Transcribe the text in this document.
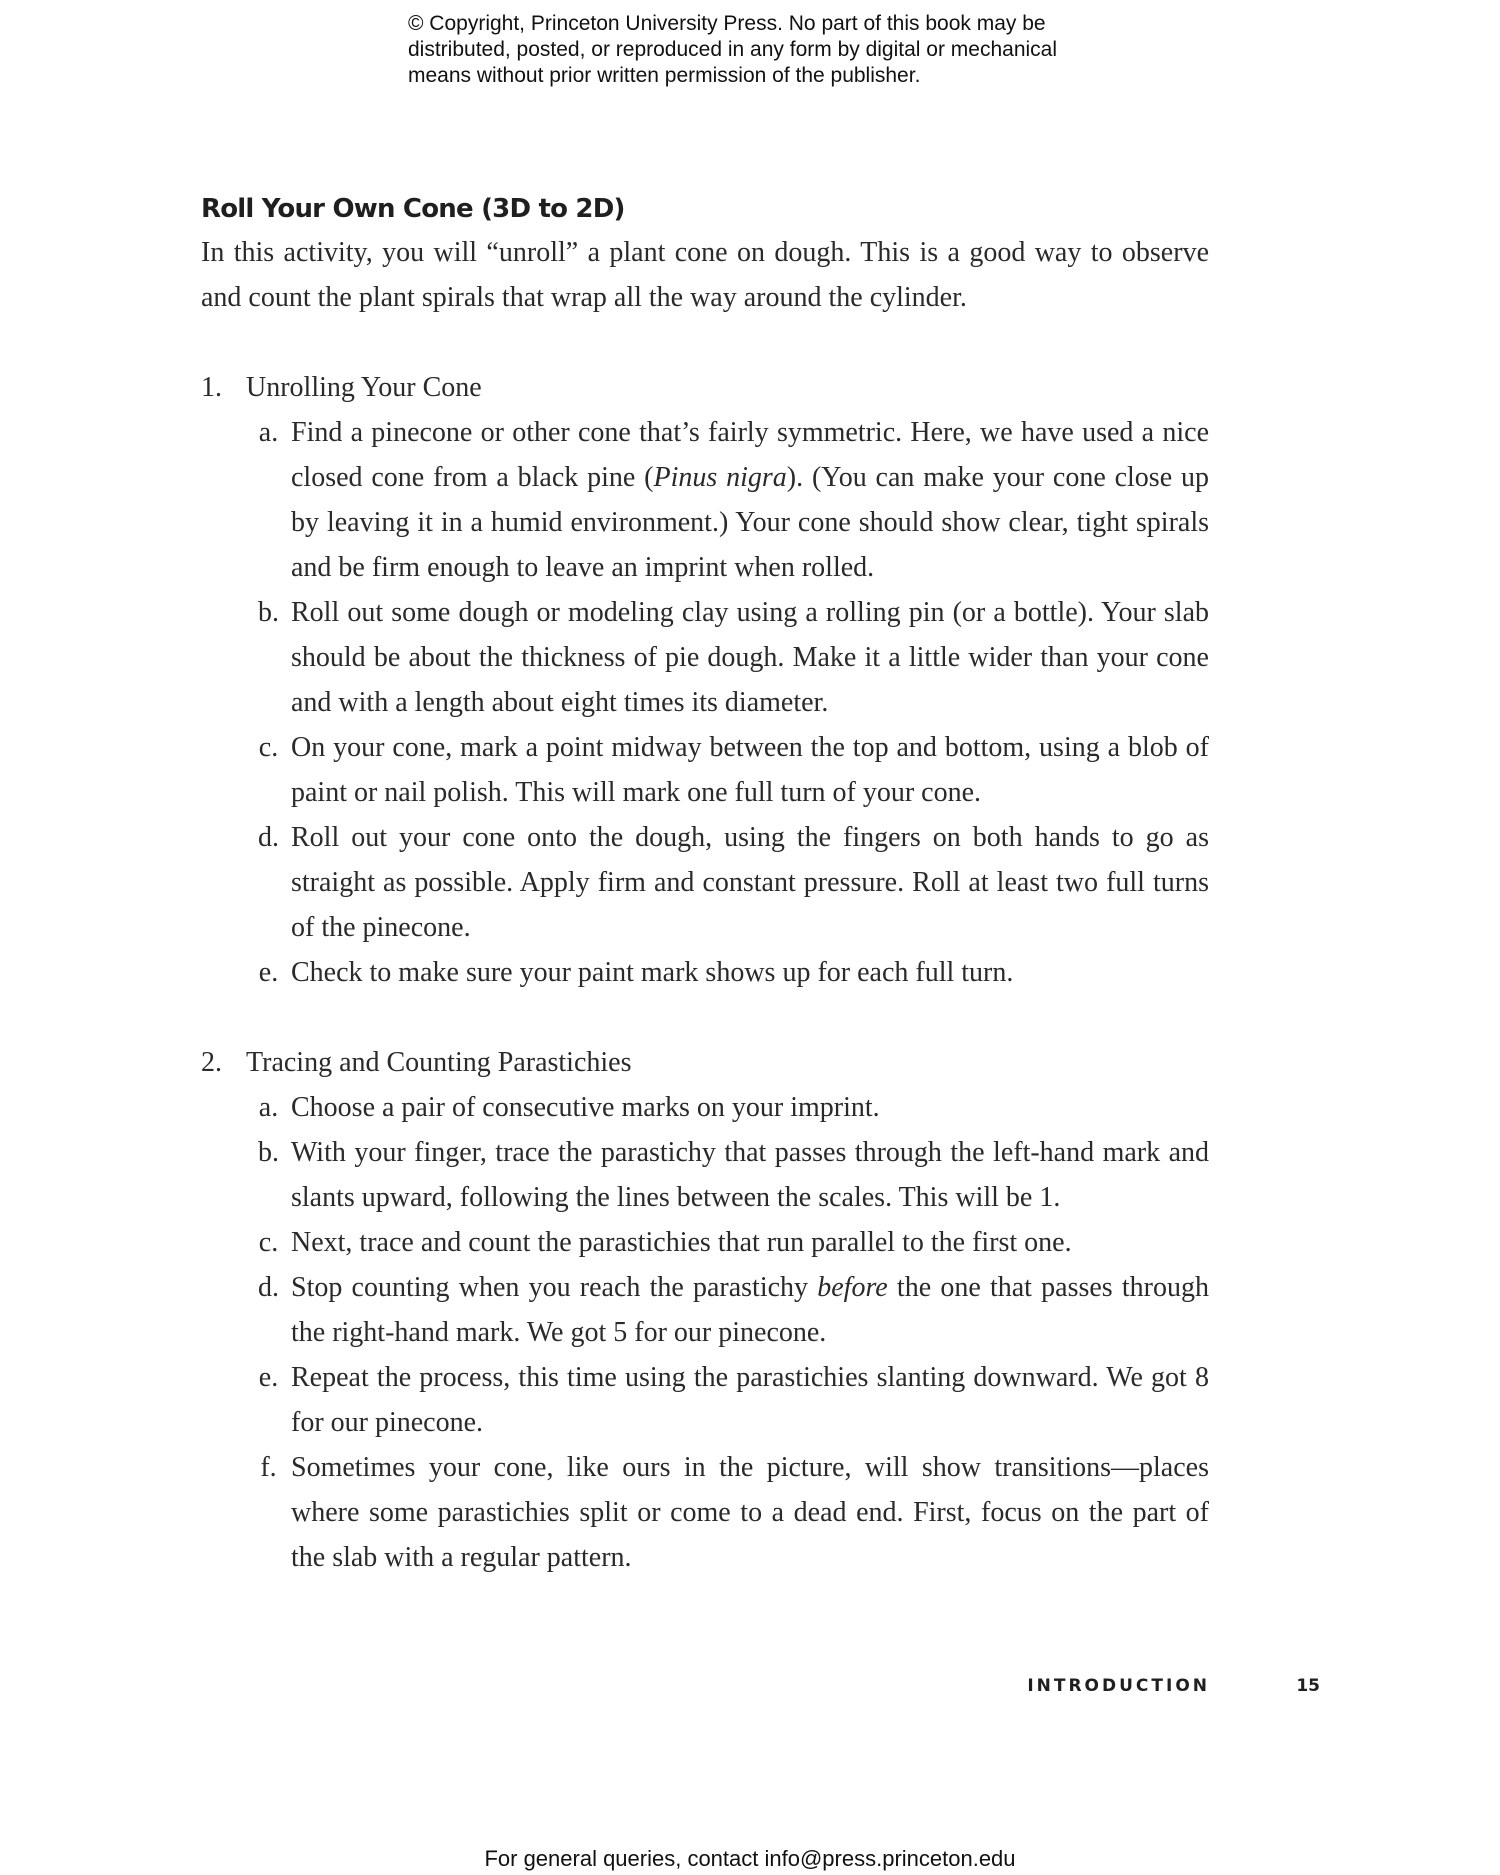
© Copyright, Princeton University Press. No part of this book may be
distributed, posted, or reproduced in any form by digital or mechanical
means without prior written permission of the publisher.
Roll Your Own Cone (3D to 2D)

In this activity, you will “unroll” a plant cone on dough. This is a good way to observe and count the plant spirals that wrap all the way around the cylinder.

1. Unrolling Your Cone
a. Find a pinecone or other cone that’s fairly symmetric. Here, we have used a nice closed cone from a black pine (Pinus nigra). (You can make your cone close up by leaving it in a humid environment.) Your cone should show clear, tight spirals and be firm enough to leave an imprint when rolled.
b. Roll out some dough or modeling clay using a rolling pin (or a bottle). Your slab should be about the thickness of pie dough. Make it a little wider than your cone and with a length about eight times its diameter.
c. On your cone, mark a point midway between the top and bottom, using a blob of paint or nail polish. This will mark one full turn of your cone.
d. Roll out your cone onto the dough, using the fingers on both hands to go as straight as possible. Apply firm and constant pressure. Roll at least two full turns of the pinecone.
e. Check to make sure your paint mark shows up for each full turn.
2. Tracing and Counting Parastichies
a. Choose a pair of consecutive marks on your imprint.
b. With your finger, trace the parastichy that passes through the left-hand mark and slants upward, following the lines between the scales. This will be 1.
c. Next, trace and count the parastichies that run parallel to the first one.
d. Stop counting when you reach the parastichy before the one that passes through the right-hand mark. We got 5 for our pinecone.
e. Repeat the process, this time using the parastichies slanting downward. We got 8 for our pinecone.
f. Sometimes your cone, like ours in the picture, will show transitions—places where some parastichies split or come to a dead end. First, focus on the part of the slab with a regular pattern.
INTRODUCTION	15
For general queries, contact info@press.princeton.edu
